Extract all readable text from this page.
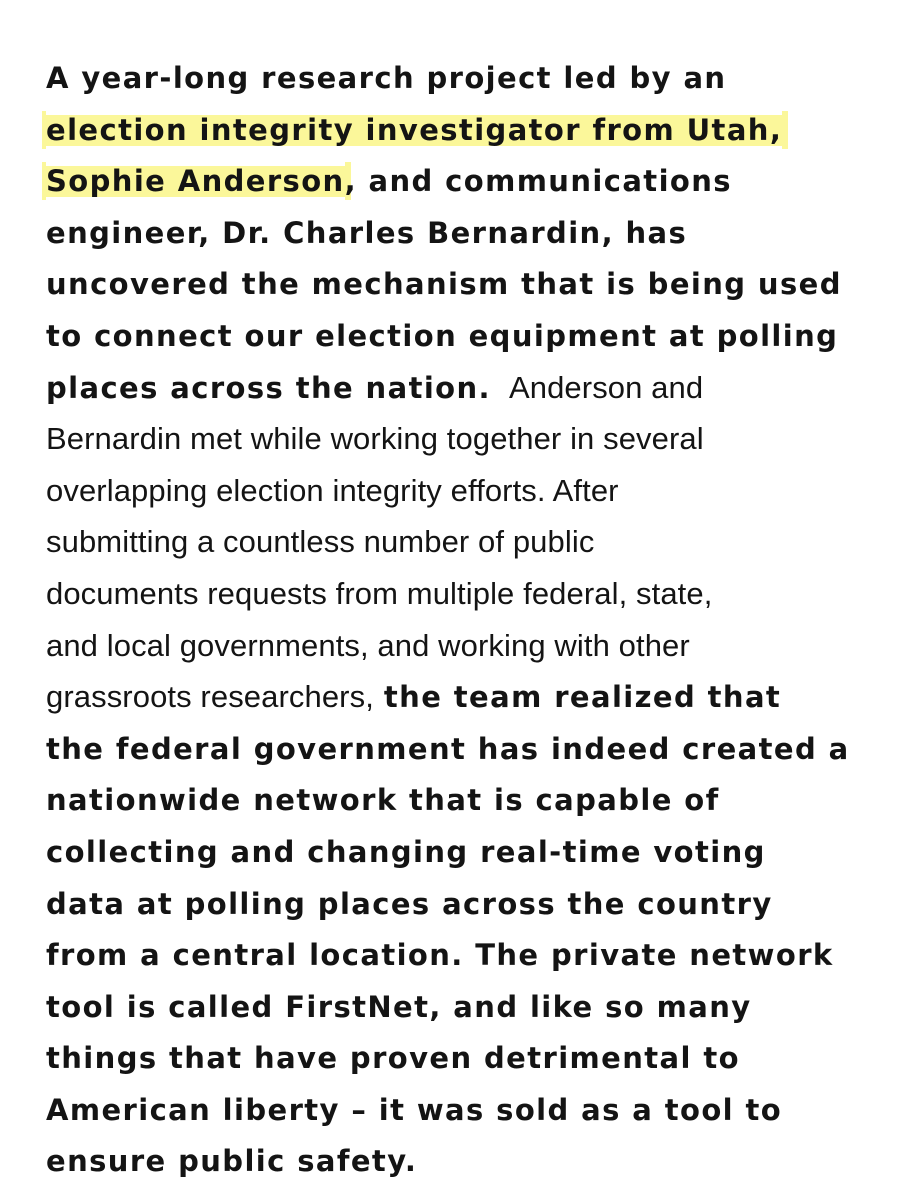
A year-long research project led by an
election integrity investigator from Utah,
Sophie Anderson, and communications
engineer, Dr. Charles Bernardin, has
uncovered the mechanism that is being used
to connect our election equipment at polling
places across the nation. Anderson and
Bernardin met while working together in several
overlapping election integrity efforts. After
submitting a countless number of public
documents requests from multiple federal, state,
and local governments, and working with other
grassroots researchers, the team realized that
the federal government has indeed created a
nationwide network that is capable of
collecting and changing real-time voting
data at polling places across the country
from a central location. The private network
tool is called FirstNet, and like so many
things that have proven detrimental to
American liberty – it was sold as a tool to
ensure public safety.
